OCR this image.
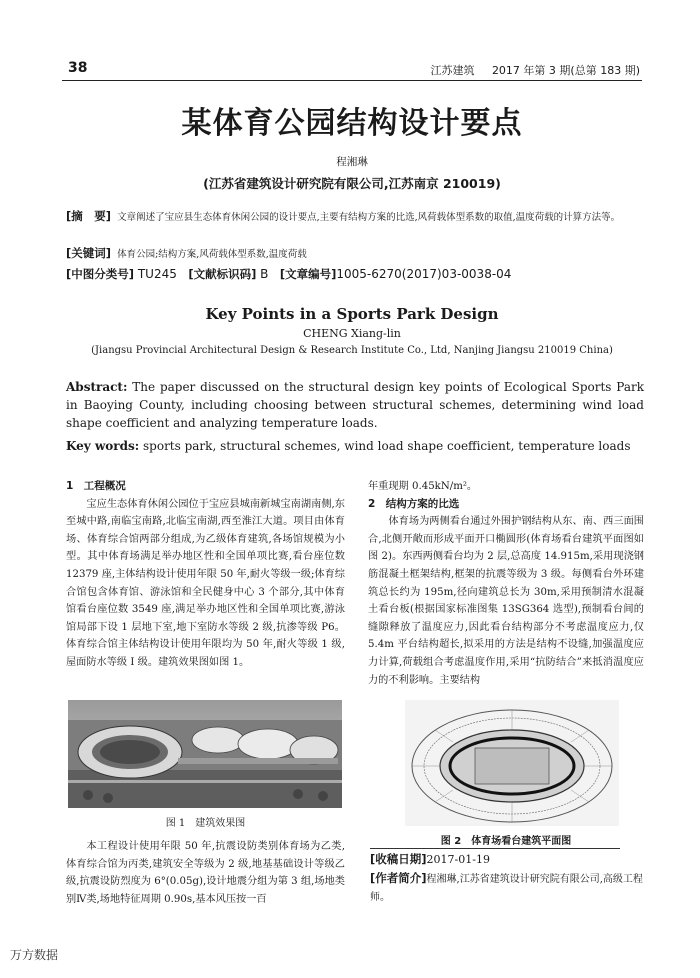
38	江苏建筑 2017 年第 3 期(总第 183 期)
某体育公园结构设计要点
程湘琳
(江苏省建筑设计研究院有限公司,江苏南京 210019)
[摘　要] 文章阐述了宝应县生态体育休闲公园的设计要点,主要有结构方案的比选,风荷载体型系数的取值,温度荷载的计算方法等。
[关键词] 体育公园;结构方案,风荷载体型系数,温度荷载
[中图分类号] TU245 [文献标识码] B [文章编号]1005-6270(2017)03-0038-04
Key Points in a Sports Park Design
CHENG Xiang-lin
(Jiangsu Provincial Architectural Design & Research Institute Co., Ltd, Nanjing Jiangsu 210019 China)
Abstract: The paper discussed on the structural design key points of Ecological Sports Park in Baoying County, including choosing between structural schemes, determining wind load shape coefficient and analyzing temperature loads.
Key words: sports park, structural schemes, wind load shape coefficient, temperature loads
1　工程概况
宝应生态体育休闲公园位于宝应县城南新城宝南湖南侧,东至城中路,南临宝南路,北临宝南湖,西至淮江大道。项目由体育场、体育综合馆两部分组成,为乙级体育建筑,各场馆规模为小型。其中体育场满足举办地区性和全国单项比赛,看台座位数 12379 座,主体结构设计使用年限 50 年,耐火等级一级;体育综合馆包含体育馆、游泳馆和全民健身中心 3 个部分,其中体育馆看台座位数 3549 座,满足举办地区性和全国单项比赛,游泳馆局部下设 1 层地下室,地下室防水等级 2 级,抗渗等级 P6。体育综合馆主体结构设计使用年限均为 50 年,耐火等级 1 级,屋面防水等级 I 级。建筑效果图如图 1。
图 1　建筑效果图
本工程设计使用年限 50 年,抗震设防类别体育场为乙类,体育综合馆为丙类,建筑安全等级为 2 级,地基基础设计等级乙级,抗震设防烈度为 6°(0.05g),设计地震分组为第 3 组,场地类别Ⅳ类,场地特征周期 0.90s,基本风压按一百
年重现期 0.45kN/m²。
2　结构方案的比选
体育场为两侧看台通过外围护钢结构从东、南、西三面围合,北侧开敞而形成平面开口椭圆形(体育场看台建筑平面图如图 2)。东西两侧看台均为 2 层,总高度 14.915m,采用现浇钢筋混凝土框架结构,框架的抗震等级为 3 级。每侧看台外环建筑总长约为 195m,径向建筑总长为 30m,采用预制清水混凝土看台板(根据国家标准图集 13SG364 选型),预制看台间的缝隙释放了温度应力,因此看台结构部分不考虑温度应力,仅 5.4m 平台结构超长,拟采用的方法是结构不设缝,加强温度应力计算,荷载组合考虑温度作用,采用“抗防结合”来抵消温度应力的不利影响。主要结构
图 2　体育场看台建筑平面图
[收稿日期]2017-01-19
[作者简介]程湘琳,江苏省建筑设计研究院有限公司,高级工程师。
万方数据
